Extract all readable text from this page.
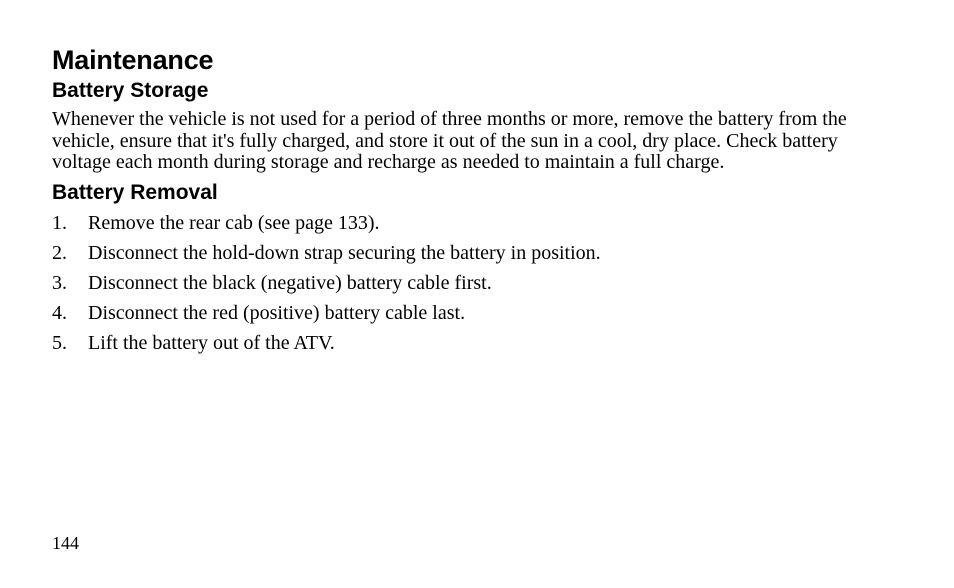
Maintenance
Battery Storage

Whenever the vehicle is not used for a period of three months or more, remove the battery from the vehicle, ensure that it's fully charged, and store it out of the sun in a cool, dry place. Check battery voltage each month during storage and recharge as needed to maintain a full charge.

Battery Removal
1.	Remove the rear cab (see page 133).
2.	Disconnect the hold-down strap securing the battery in position.
3.	Disconnect the black (negative) battery cable first.
4.	Disconnect the red (positive) battery cable last.
5.	Lift the battery out of the ATV.
144
